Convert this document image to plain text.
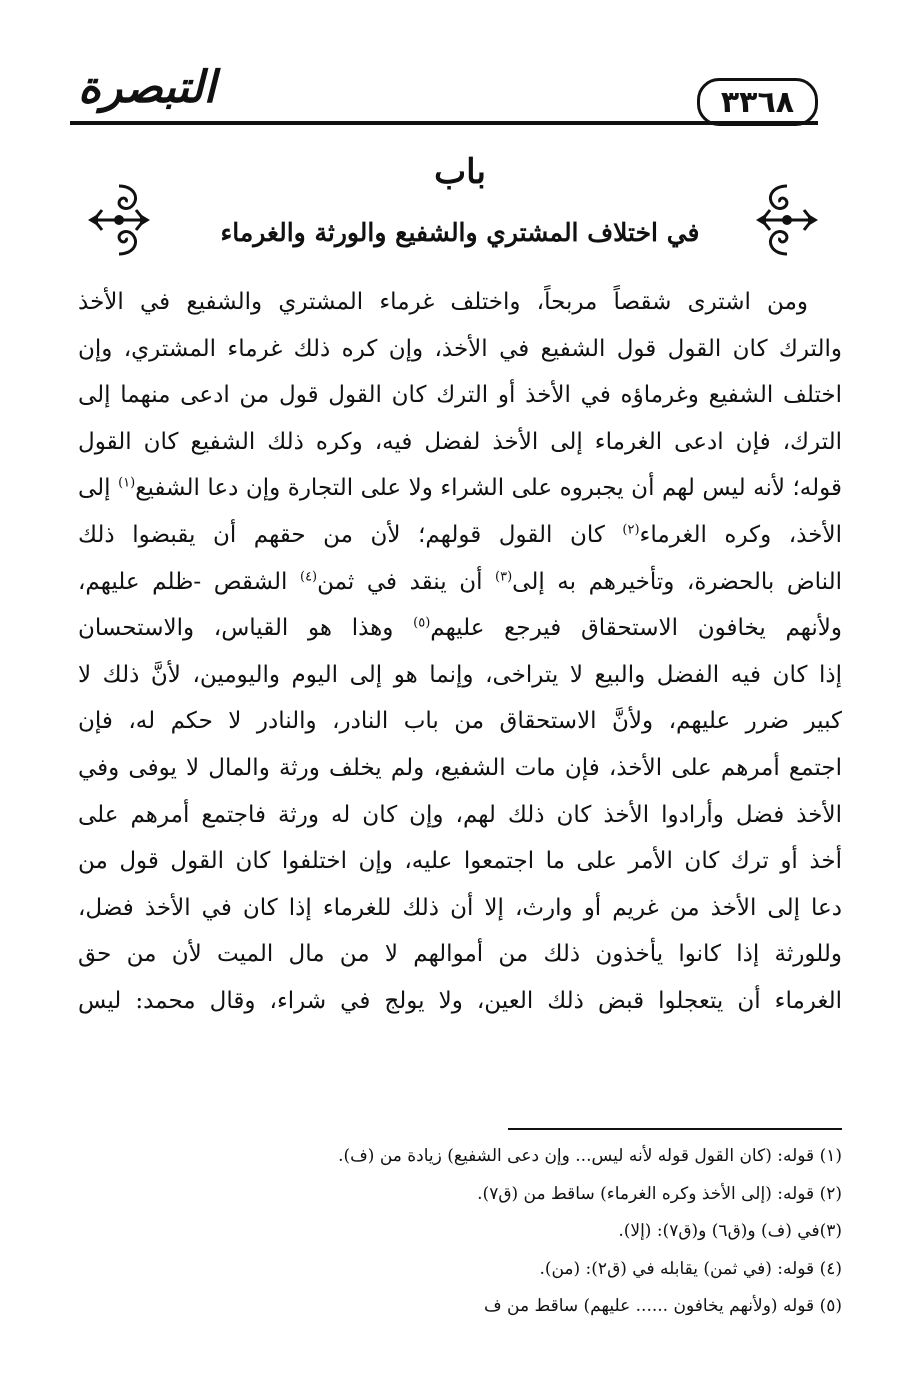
٣٣٦٨
التبصرة
باب
في اختلاف المشتري والشفيع والورثة والغرماء
ومن اشترى شقصاً مربحاً، واختلف غرماء المشتري والشفيع في الأخذ
والترك كان القول قول الشفيع في الأخذ، وإن كره ذلك غرماء المشتري، وإن
اختلف الشفيع وغرماؤه في الأخذ أو الترك كان القول قول من ادعى منهما إلى
الترك، فإن ادعى الغرماء إلى الأخذ لفضل فيه، وكره ذلك الشفيع كان القول
قوله؛ لأنه ليس لهم أن يجبروه على الشراء ولا على التجارة وإن دعا الشفيع$^{(١)}$ إلى
الأخذ، وكره الغرماء$^{(٢)}$ كان القول قولهم؛ لأن من حقهم أن يقبضوا ذلك
الناض بالحضرة، وتأخيرهم به إلى$^{(٣)}$ أن ينقد في ثمن$^{(٤)}$ الشقص -ظلم عليهم،
ولأنهم يخافون الاستحقاق فيرجع عليهم$^{(٥)}$ وهذا هو القياس، والاستحسان
إذا كان فيه الفضل والبيع لا يتراخى، وإنما هو إلى اليوم واليومين، لأنَّ ذلك لا
كبير ضرر عليهم، ولأنَّ الاستحقاق من باب النادر، والنادر لا حكم له، فإن
اجتمع أمرهم على الأخذ، فإن مات الشفيع، ولم يخلف ورثة والمال لا يوفى وفي
الأخذ فضل وأرادوا الأخذ كان ذلك لهم، وإن كان له ورثة فاجتمع أمرهم على
أخذ أو ترك كان الأمر على ما اجتمعوا عليه، وإن اختلفوا كان القول قول من
دعا إلى الأخذ من غريم أو وارث، إلا أن ذلك للغرماء إذا كان في الأخذ فضل،
وللورثة إذا كانوا يأخذون ذلك من أموالهم لا من مال الميت لأن من حق
الغرماء أن يتعجلوا قبض ذلك العين، ولا يولج في شراء، وقال محمد: ليس
(١) قوله: (كان القول قوله لأنه ليس... وإن دعى الشفيع) زيادة من (ف).
(٢) قوله: (إلى الأخذ وكره الغرماء) ساقط من (ق٧).
(٣)في (ف) و(ق٦) و(ق٧): (إلا).
(٤) قوله: (في ثمن) يقابله في (ق٢): (من).
(٥) قوله (ولأنهم يخافون ...... عليهم) ساقط من ف
